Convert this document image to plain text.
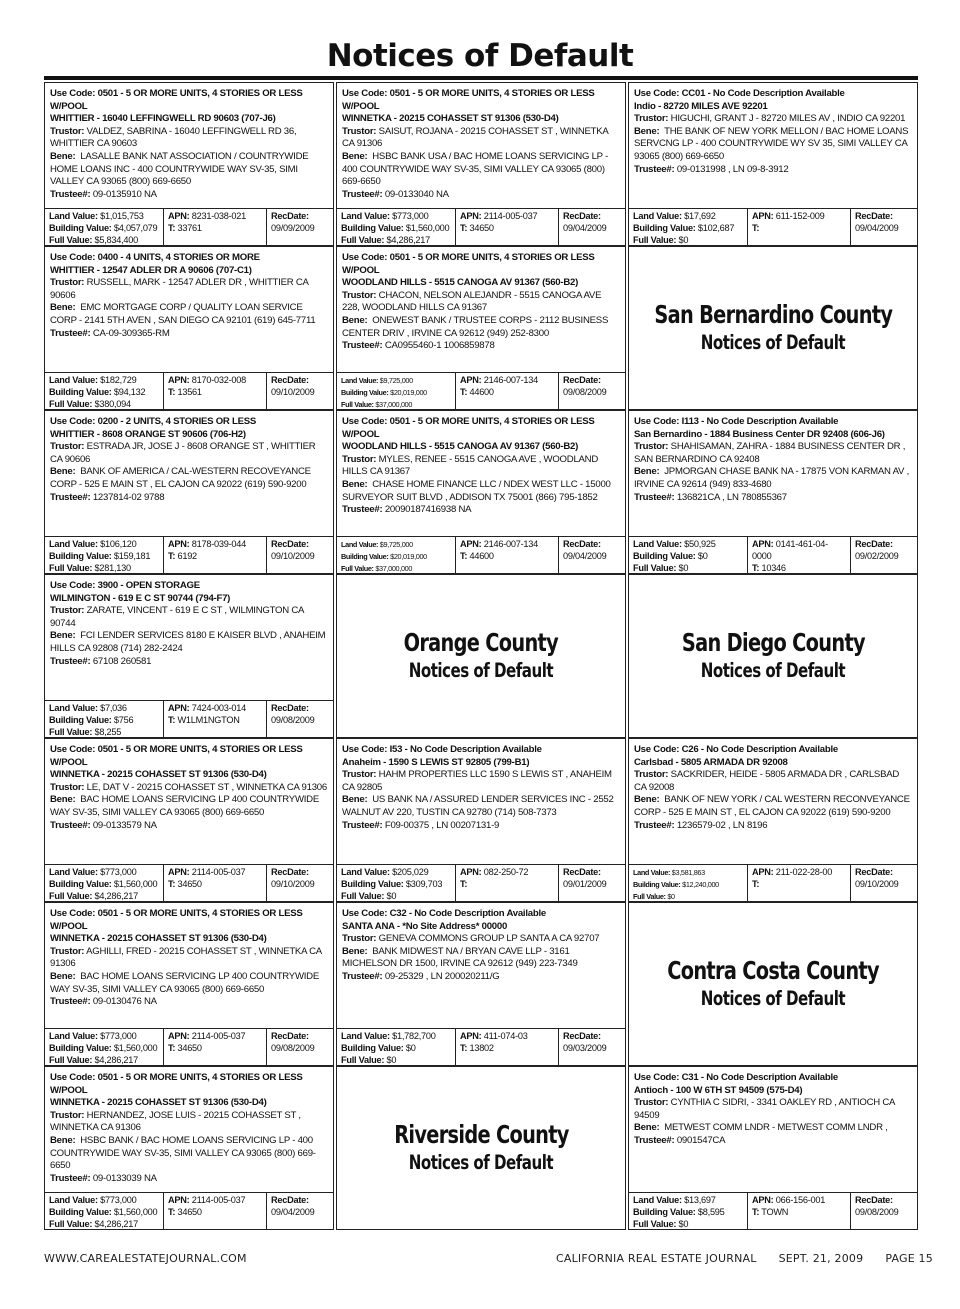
Notices of Default
Use Code: 0501 - 5 OR MORE UNITS, 4 STORIES OR LESS W/POOL
WHITTIER - 16040 LEFFINGWELL RD 90603 (707-J6)
Trustor: VALDEZ, SABRINA - 16040 LEFFINGWELL RD 36, WHITTIER CA 90603
Bene: LASALLE BANK NAT ASSOCIATION / COUNTRYWIDE HOME LOANS INC - 400 COUNTRYWIDE WAY SV-35, SIMI VALLEY CA 93065 (800) 669-6650
Trustee#: 09-0135910 NA
Land Value: $1,015,753
Building Value: $4,057,079
Full Value: $5,834,400
APN: 8231-038-021
T: 33761
RecDate:
09/09/2009
Use Code: 0501 - 5 OR MORE UNITS, 4 STORIES OR LESS W/POOL
WINNETKA - 20215 COHASSET ST 91306 (530-D4)
Trustor: SAISUT, ROJANA - 20215 COHASSET ST , WINNETKA CA 91306
Bene: HSBC BANK USA / BAC HOME LOANS SERVICING LP - 400 COUNTRYWIDE WAY SV-35, SIMI VALLEY CA 93065 (800) 669-6650
Trustee#: 09-0133040 NA
Land Value: $773,000
Building Value: $1,560,000
Full Value: $4,286,217
APN: 2114-005-037
T: 34650
RecDate:
09/04/2009
Use Code: CC01 - No Code Description Available
Indio - 82720 MILES AVE 92201
Trustor: HIGUCHI, GRANT J - 82720 MILES AV , INDIO CA 92201
Bene: THE BANK OF NEW YORK MELLON / BAC HOME LOANS SERVCNG LP - 400 COUNTRYWIDE WY SV 35, SIMI VALLEY CA 93065 (800) 669-6650
Trustee#: 09-0131998 , LN 09-8-3912
Land Value: $17,692
Building Value: $102,687
Full Value: $0
APN: 611-152-009
T:
RecDate:
09/04/2009
Use Code: 0400 - 4 UNITS, 4 STORIES OR MORE
WHITTIER - 12547 ADLER DR A 90606 (707-C1)
Trustor: RUSSELL, MARK - 12547 ADLER DR , WHITTIER CA 90606
Bene: EMC MORTGAGE CORP / QUALITY LOAN SERVICE CORP - 2141 5TH AVEN , SAN DIEGO CA 92101 (619) 645-7711
Trustee#: CA-09-309365-RM
Land Value: $182,729
Building Value: $94,132
Full Value: $380,094
APN: 8170-032-008
T: 13561
RecDate:
09/10/2009
Use Code: 0501 - 5 OR MORE UNITS, 4 STORIES OR LESS W/POOL
WOODLAND HILLS - 5515 CANOGA AV 91367 (560-B2)
Trustor: CHACON, NELSON ALEJANDR - 5515 CANOGA AVE 228, WOODLAND HILLS CA 91367
Bene: ONEWEST BANK / TRUSTEE CORPS - 2112 BUSINESS CENTER DRIV , IRVINE CA 92612 (949) 252-8300
Trustee#: CA0955460-1 1006859878
Land Value: $9,725,000
Building Value: $20,019,000
Full Value: $37,000,000
APN: 2146-007-134
T: 44600
RecDate:
09/08/2009
San Bernardino County
Notices of Default
Use Code: 0200 - 2 UNITS, 4 STORIES OR LESS
WHITTIER - 8608 ORANGE ST 90606 (706-H2)
Trustor: ESTRADA JR, JOSE J - 8608 ORANGE ST , WHITTIER CA 90606
Bene: BANK OF AMERICA / CAL-WESTERN RECOVEYANCE CORP - 525 E MAIN ST , EL CAJON CA 92022 (619) 590-9200
Trustee#: 1237814-02 9788
Land Value: $106,120
Building Value: $159,181
Full Value: $281,130
APN: 8178-039-044
T: 6192
RecDate:
09/10/2009
Use Code: 0501 - 5 OR MORE UNITS, 4 STORIES OR LESS W/POOL
WOODLAND HILLS - 5515 CANOGA AV 91367 (560-B2)
Trustor: MYLES, RENEE - 5515 CANOGA AVE , WOODLAND HILLS CA 91367
Bene: CHASE HOME FINANCE LLC / NDEX WEST LLC - 15000 SURVEYOR SUIT BLVD , ADDISON TX 75001 (866) 795-1852
Trustee#: 20090187416938 NA
Land Value: $9,725,000
Building Value: $20,019,000
Full Value: $37,000,000
APN: 2146-007-134
T: 44600
RecDate:
09/04/2009
Use Code: I113 - No Code Description Available
San Bernardino - 1884 Business Center DR 92408 (606-J6)
Trustor: SHAHISAMAN, ZAHRA - 1884 BUSINESS CENTER DR , SAN BERNARDINO CA 92408
Bene: JPMORGAN CHASE BANK NA - 17875 VON KARMAN AV , IRVINE CA 92614 (949) 833-4680
Trustee#: 136821CA , LN 780855367
Land Value: $50,925
Building Value: $0
Full Value: $0
APN: 0141-461-04-0000
T: 10346
RecDate:
09/02/2009
Use Code: 3900 - OPEN STORAGE
WILMINGTON - 619 E C ST 90744 (794-F7)
Trustor: ZARATE, VINCENT - 619 E C ST , WILMINGTON CA 90744
Bene: FCI LENDER SERVICES 8180 E KAISER BLVD , ANAHEIM HILLS CA 92808 (714) 282-2424
Trustee#: 67108 260581
Land Value: $7,036
Building Value: $756
Full Value: $8,255
APN: 7424-003-014
T: W1LM1NGTON
RecDate:
09/08/2009
Orange County
Notices of Default
San Diego County
Notices of Default
Use Code: 0501 - 5 OR MORE UNITS, 4 STORIES OR LESS W/POOL
WINNETKA - 20215 COHASSET ST 91306 (530-D4)
Trustor: LE, DAT V - 20215 COHASSET ST , WINNETKA CA 91306
Bene: BAC HOME LOANS SERVICING LP 400 COUNTRYWIDE WAY SV-35, SIMI VALLEY CA 93065 (800) 669-6650
Trustee#: 09-0133579 NA
Land Value: $773,000
Building Value: $1,560,000
Full Value: $4,286,217
APN: 2114-005-037
T: 34650
RecDate:
09/10/2009
Use Code: I53 - No Code Description Available
Anaheim - 1590 S LEWIS ST 92805 (799-B1)
Trustor: HAHM PROPERTIES LLC 1590 S LEWIS ST , ANAHEIM CA 92805
Bene: US BANK NA / ASSURED LENDER SERVICES INC - 2552 WALNUT AV 220, TUSTIN CA 92780 (714) 508-7373
Trustee#: F09-00375 , LN 00207131-9
Land Value: $205,029
Building Value: $309,703
Full Value: $0
APN: 082-250-72
T:
RecDate:
09/01/2009
Use Code: C26 - No Code Description Available
Carlsbad - 5805 ARMADA DR 92008
Trustor: SACKRIDER, HEIDE - 5805 ARMADA DR , CARLSBAD CA 92008
Bene: BANK OF NEW YORK / CAL WESTERN RECONVEYANCE CORP - 525 E MAIN ST , EL CAJON CA 92022 (619) 590-9200
Trustee#: 1236579-02 , LN 8196
Land Value: $3,581,863
Building Value: $12,240,000
Full Value: $0
APN: 211-022-28-00
T:
RecDate:
09/10/2009
Use Code: 0501 - 5 OR MORE UNITS, 4 STORIES OR LESS W/POOL
WINNETKA - 20215 COHASSET ST 91306 (530-D4)
Trustor: AGHILLI, FRED - 20215 COHASSET ST , WINNETKA CA 91306
Bene: BAC HOME LOANS SERVICING LP 400 COUNTRYWIDE WAY SV-35, SIMI VALLEY CA 93065 (800) 669-6650
Trustee#: 09-0130476 NA
Land Value: $773,000
Building Value: $1,560,000
Full Value: $4,286,217
APN: 2114-005-037
T: 34650
RecDate:
09/08/2009
Use Code: C32 - No Code Description Available
SANTA ANA - *No Site Address* 00000
Trustor: GENEVA COMMONS GROUP LP SANTA A CA 92707
Bene: BANK MIDWEST NA / BRYAN CAVE LLP - 3161 MICHELSON DR 1500, IRVINE CA 92612 (949) 223-7349
Trustee#: 09-25329 , LN 200020211/G
Land Value: $1,782,700
Building Value: $0
Full Value: $0
APN: 411-074-03
T: 13802
RecDate:
09/03/2009
Contra Costa County
Notices of Default
Use Code: 0501 - 5 OR MORE UNITS, 4 STORIES OR LESS W/POOL
WINNETKA - 20215 COHASSET ST 91306 (530-D4)
Trustor: HERNANDEZ, JOSE LUIS - 20215 COHASSET ST , WINNETKA CA 91306
Bene: HSBC BANK / BAC HOME LOANS SERVICING LP - 400 COUNTRYWIDE WAY SV-35, SIMI VALLEY CA 93065 (800) 669-6650
Trustee#: 09-0133039 NA
Land Value: $773,000
Building Value: $1,560,000
Full Value: $4,286,217
APN: 2114-005-037
T: 34650
RecDate:
09/04/2009
Riverside County
Notices of Default
Use Code: C31 - No Code Description Available
Antioch - 100 W 6TH ST 94509 (575-D4)
Trustor: CYNTHIA C SIDRI, - 3341 OAKLEY RD , ANTIOCH CA 94509
Bene: METWEST COMM LNDR - METWEST COMM LNDR ,
Trustee#: 0901547CA
Land Value: $13,697
Building Value: $8,595
Full Value: $0
APN: 066-156-001
T: TOWN
RecDate:
09/08/2009
WWW.CAREALESTATEJOURNAL.COM	CALIFORNIA REAL ESTATE JOURNAL SEPT. 21, 2009 PAGE 15
